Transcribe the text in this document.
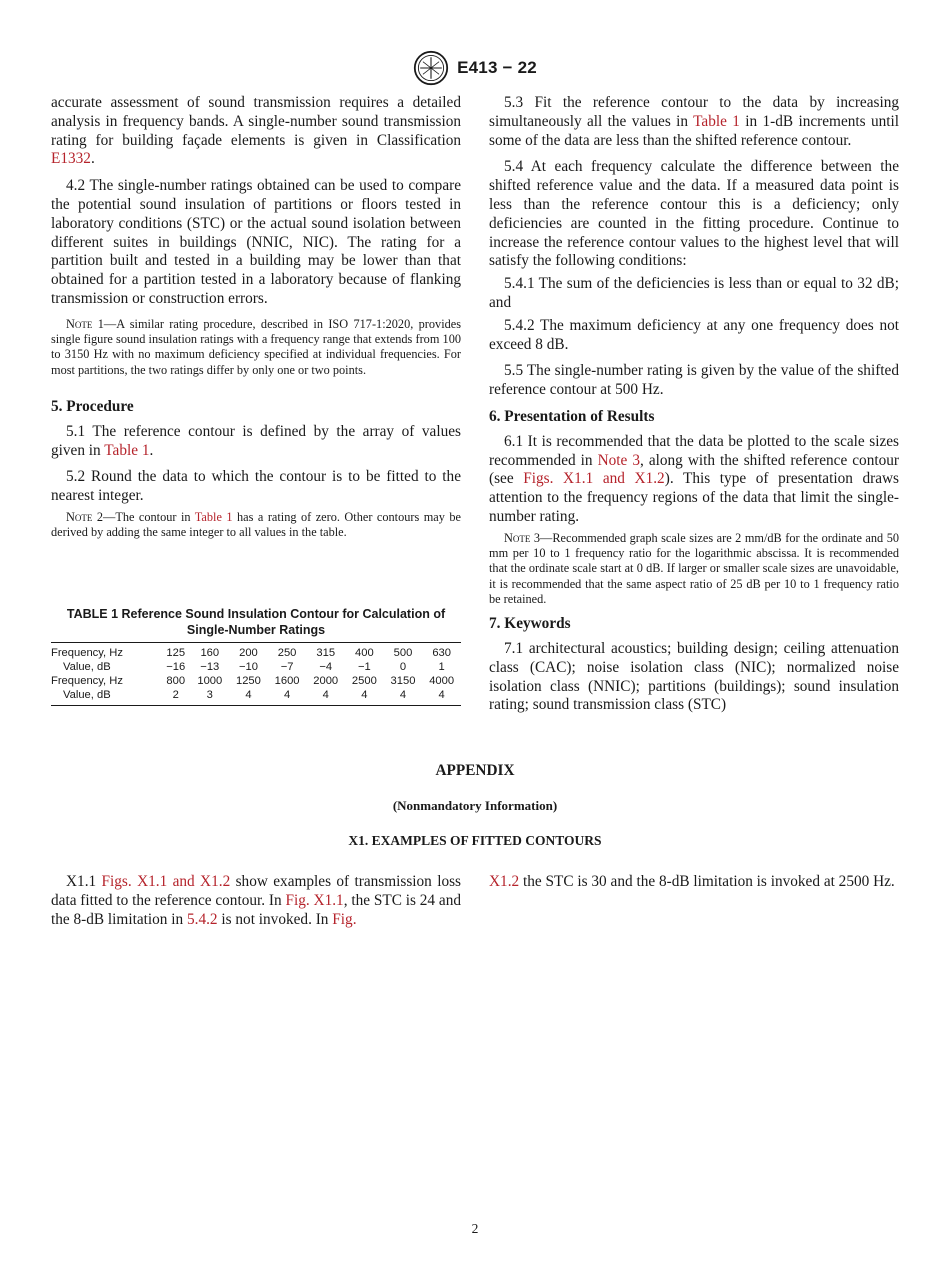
E413 − 22

accurate assessment of sound transmission requires a detailed analysis in frequency bands. A single-number sound transmission rating for building façade elements is given in Classification E1332.

4.2 The single-number ratings obtained can be used to compare the potential sound insulation of partitions or floors tested in laboratory conditions (STC) or the actual sound isolation between different suites in buildings (NNIC, NIC). The rating for a partition built and tested in a building may be lower than that obtained for a partition tested in a laboratory because of flanking transmission or construction errors.

Note 1—A similar rating procedure, described in ISO 717-1:2020, provides single figure sound insulation ratings with a frequency range that extends from 100 to 3150 Hz with no maximum deficiency specified at individual frequencies. For most partitions, the two ratings differ by only one or two points.

5. Procedure

5.1 The reference contour is defined by the array of values given in Table 1.

5.2 Round the data to which the contour is to be fitted to the nearest integer.

Note 2—The contour in Table 1 has a rating of zero. Other contours may be derived by adding the same integer to all values in the table.

TABLE 1 Reference Sound Insulation Contour for Calculation of Single-Number Ratings
Frequency, Hz	125	160	200	250	315	400	500	630
Value, dB	−16	−13	−10	−7	−4	−1	0	1
Frequency, Hz	800	1000	1250	1600	2000	2500	3150	4000
Value, dB	2	3	4	4	4	4	4	4

5.3 Fit the reference contour to the data by increasing simultaneously all the values in Table 1 in 1-dB increments until some of the data are less than the shifted reference contour.

5.4 At each frequency calculate the difference between the shifted reference value and the data. If a measured data point is less than the reference contour this is a deficiency; only deficiencies are counted in the fitting procedure. Continue to increase the reference contour values to the highest level that will satisfy the following conditions:

5.4.1 The sum of the deficiencies is less than or equal to 32 dB; and

5.4.2 The maximum deficiency at any one frequency does not exceed 8 dB.

5.5 The single-number rating is given by the value of the shifted reference contour at 500 Hz.

6. Presentation of Results

6.1 It is recommended that the data be plotted to the scale sizes recommended in Note 3, along with the shifted reference contour (see Figs. X1.1 and X1.2). This type of presentation draws attention to the frequency regions of the data that limit the single-number rating.

Note 3—Recommended graph scale sizes are 2 mm/dB for the ordinate and 50 mm per 10 to 1 frequency ratio for the logarithmic abscissa. It is recommended that the ordinate scale start at 0 dB. If larger or smaller scale sizes are unavoidable, it is recommended that the same aspect ratio of 25 dB per 10 to 1 frequency ratio be retained.

7. Keywords

7.1 architectural acoustics; building design; ceiling attenuation class (CAC); noise isolation class (NIC); normalized noise isolation class (NNIC); partitions (buildings); sound insulation rating; sound transmission class (STC)

APPENDIX
(Nonmandatory Information)
X1. EXAMPLES OF FITTED CONTOURS

X1.1 Figs. X1.1 and X1.2 show examples of transmission loss data fitted to the reference contour. In Fig. X1.1, the STC is 24 and the 8-dB limitation in 5.4.2 is not invoked. In Fig.

X1.2 the STC is 30 and the 8-dB limitation is invoked at 2500 Hz.

2
